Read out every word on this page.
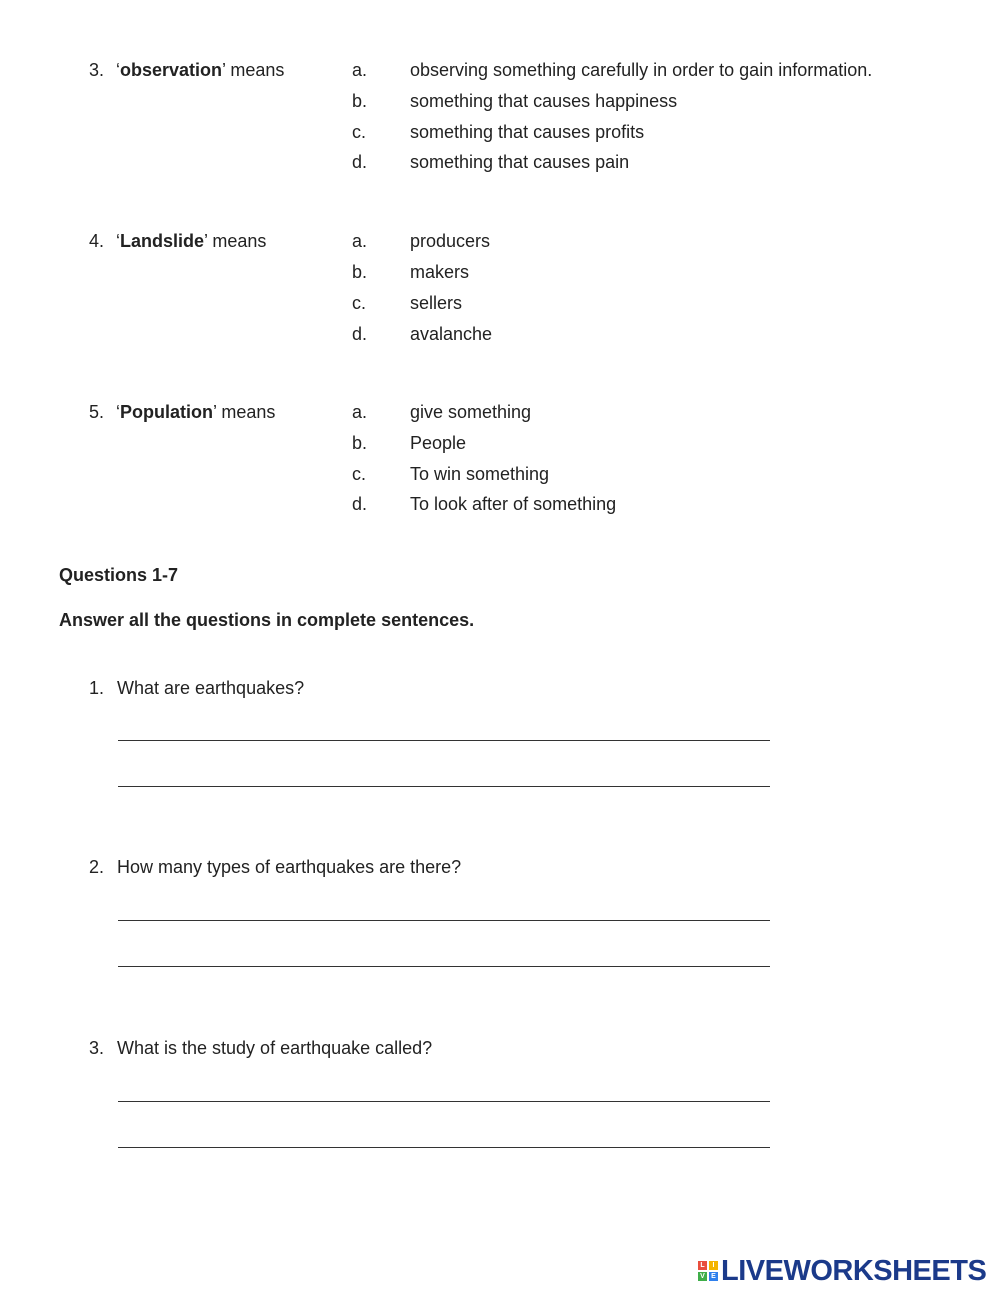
3. ‘observation’ means	a. observing something carefully in order to gain information.
b. something that causes happiness
c. something that causes profits
d. something that causes pain
4. ‘Landslide’ means	a. producers
b. makers
c. sellers
d. avalanche
5. ‘Population’ means	a. give something
b. People
c. To win something
d. To look after of something
Questions 1-7
Answer all the questions in complete sentences.
1. What are earthquakes?
2. How many types of earthquakes are there?
3. What is the study of earthquake called?
L	I
V E LIVEWORKSHEETS
